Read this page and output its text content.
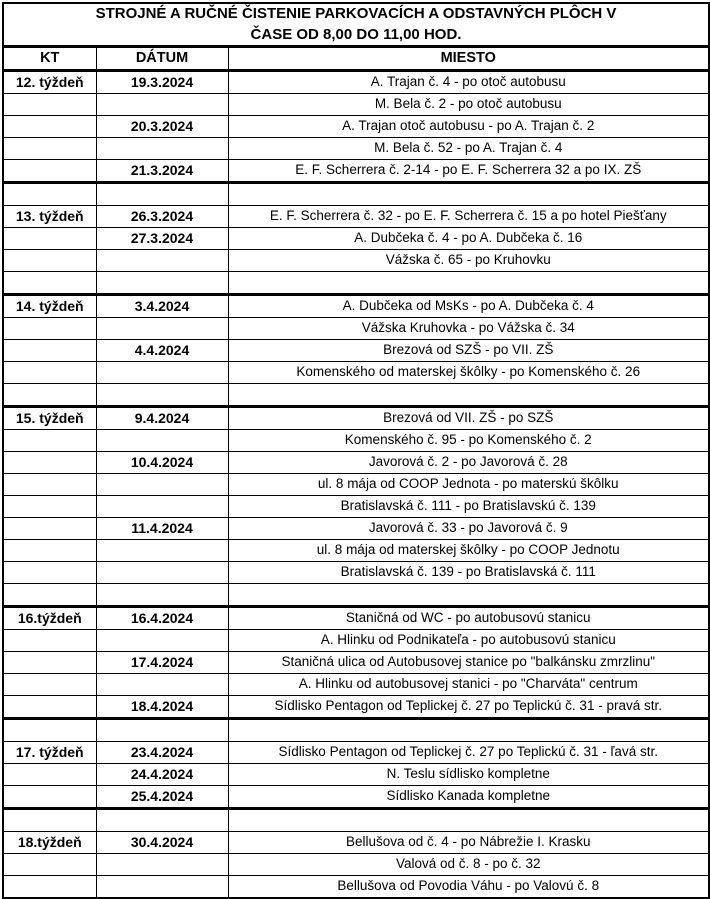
STROJNÉ A RUČNÉ ČISTENIE PARKOVACÍCH A ODSTAVNÝCH PLÔCH V
ČASE OD 8,00 DO 11,00 HOD.		

KT	DÁTUM	MIESTO
12. týždeň	19.3.2024	A. Trajan č. 4 - po otoč autobusu
		M. Bela č. 2 - po otoč autobusu
	20.3.2024	A. Trajan otoč autobusu - po A. Trajan č. 2
		M. Bela č. 52 - po A. Trajan č. 4
	21.3.2024	E. F. Scherrera č. 2-14 - po E. F. Scherrera 32 a po IX. ZŠ

13. týždeň	26.3.2024	E. F. Scherrera č. 32 - po E. F. Scherrera č. 15 a po hotel Piešťany
	27.3.2024	A. Dubčeka č. 4 - po A. Dubčeka č. 16
		Vážska č. 65 - po Kruhovku

14. týždeň	3.4.2024	A. Dubčeka od MsKs - po A. Dubčeka č. 4
		Vážska Kruhovka - po Vážska č. 34
	4.4.2024	Brezová od SZŠ - po VII. ZŠ
		Komenského od materskej škôlky - po Komenského č. 26

15. týždeň	9.4.2024	Brezová od VII. ZŠ - po SZŠ
		Komenského č. 95 - po Komenského č. 2
	10.4.2024	Javorová č. 2 - po Javorová č. 28
		ul. 8 mája od COOP Jednota - po materskú škôlku
		Bratislavská č. 111 - po Bratislavskú č. 139
	11.4.2024	Javorová č. 33 - po Javorová č. 9
		ul. 8 mája od materskej škôlky - po COOP Jednotu
		Bratislavská č. 139 - po Bratislavská č. 111

16.týždeň	16.4.2024	Staničná od WC - po autobusovú stanicu
		A. Hlinku od Podnikateľa - po autobusovú stanicu
	17.4.2024	Staničná ulica od Autobusovej stanice po "balkánsku zmrzlinu"
		A. Hlinku od autobusovej stanici - po "Charváta" centrum
	18.4.2024	Sídlisko Pentagon od Teplickej č. 27 po Teplickú č. 31 - pravá str.

17. týždeň	23.4.2024	Sídlisko Pentagon od Teplickej č. 27 po Teplickú č. 31 - ľavá str.
	24.4.2024	N. Teslu sídlisko kompletne
	25.4.2024	Sídlisko Kanada kompletne

18.týždeň	30.4.2024	Bellušova od č. 4 - po Nábrežie I. Krasku
		Valová od č. 8 - po č. 32
		Bellušova od Povodia Váhu - po Valovú č. 8
